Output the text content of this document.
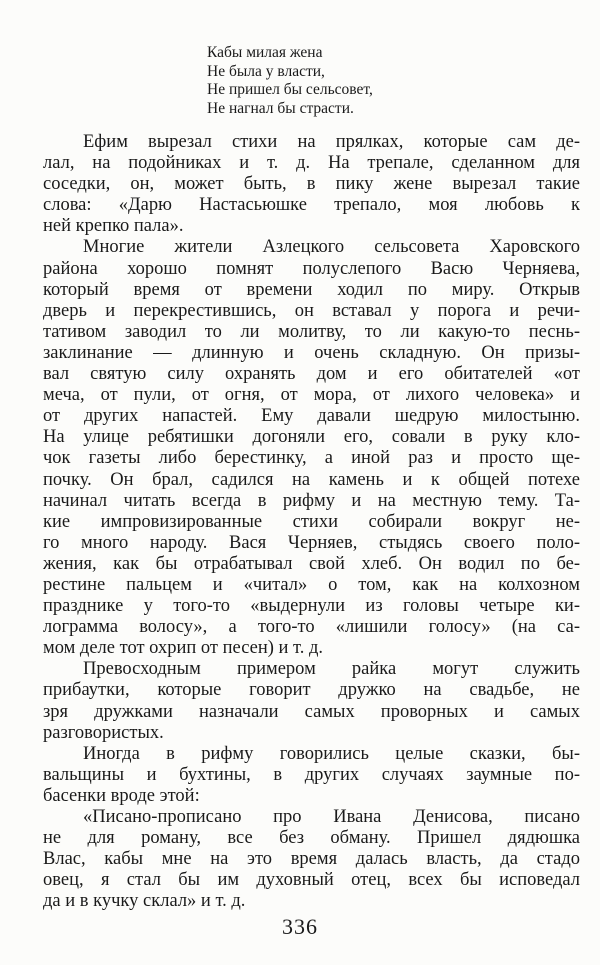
Кабы милая жена
Не была у власти,
Не пришел бы сельсовет,
Не нагнал бы страсти.
Ефим вырезал стихи на прялках, которые сам де-
лал, на подойниках и т. д. На трепале, сделанном для
соседки, он, может быть, в пику жене вырезал такие
слова: «Дарю Настасьюшке трепало, моя любовь к
ней крепко пала».
Многие жители Азлецкого сельсовета Харовского
района хорошо помнят полуслепого Васю Черняева,
который время от времени ходил по миру. Открыв
дверь и перекрестившись, он вставал у порога и речи-
тативом заводил то ли молитву, то ли какую-то песнь-
заклинание — длинную и очень складную. Он призы-
вал святую силу охранять дом и его обитателей «от
меча, от пули, от огня, от мора, от лихого человека» и
от других напастей. Ему давали шедрую милостыню.
На улице ребятишки догоняли его, совали в руку кло-
чок газеты либо берестинку, а иной раз и просто ще-
почку. Он брал, садился на камень и к общей потехе
начинал читать всегда в рифму и на местную тему. Та-
кие импровизированные стихи собирали вокруг не-
го много народу. Вася Черняев, стыдясь своего поло-
жения, как бы отрабатывал свой хлеб. Он водил по бе-
рестине пальцем и «читал» о том, как на колхозном
празднике у того-то «выдернули из головы четыре ки-
лограмма волосу», а того-то «лишили голосу» (на са-
мом деле тот охрип от песен) и т. д.
Превосходным примером райка могут служить
прибаутки, которые говорит дружко на свадьбе, не
зря дружками назначали самых проворных и самых
разговористых.
Иногда в рифму говорились целые сказки, бы-
вальщины и бухтины, в других случаях заумные по-
басенки вроде этой:
«Писано-прописано про Ивана Денисова, писано
не для роману, все без обману. Пришел дядюшка
Влас, кабы мне на это время далась власть, да стадо
овец, я стал бы им духовный отец, всех бы исповедал
да и в кучку склал» и т. д.
336
